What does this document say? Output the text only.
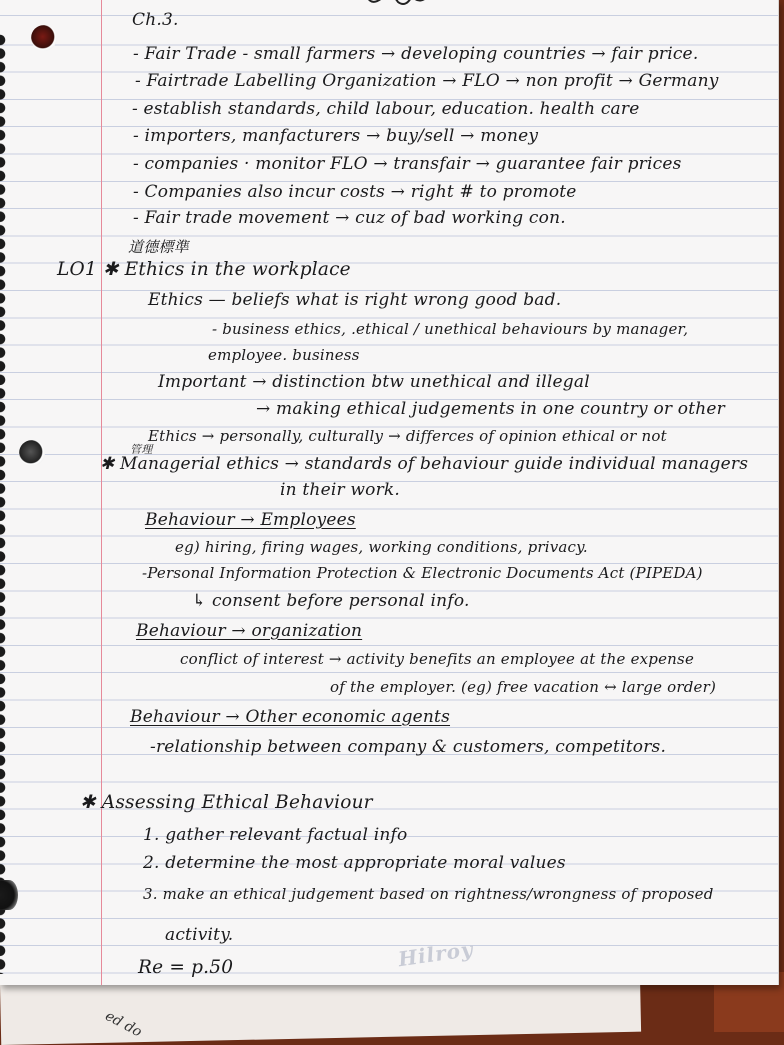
ed do
Ch.3.
- Fair Trade - small farmers → developing countries → fair price.
- Fairtrade Labelling Organization → FLO → non profit → Germany
- establish standards, child labour, education. health care
- importers, manfacturers → buy/sell → money
- companies · monitor FLO → transfair → guarantee fair prices
- Companies also incur costs → right # to promote
- Fair trade movement → cuz of bad working con.
道德標準
LO1 ✱ Ethics in the workplace
Ethics — beliefs what is right wrong good bad.
- business ethics, .ethical / unethical behaviours by manager,
employee. business
Important → distinction btw unethical and illegal
→ making ethical judgements in one country or other
Ethics → personally, culturally → differces of opinion ethical or not
管理
✱ Managerial ethics → standards of behaviour guide individual managers
in their work.
Behaviour → Employees
eg) hiring, firing wages, working conditions, privacy.
-Personal Information Protection & Electronic Documents Act (PIPEDA)
↳ consent before personal info.
Behaviour → organization
conflict of interest → activity benefits an employee at the expense
of the employer. (eg) free vacation ↔ large order)
Behaviour → Other economic agents
-relationship between company & customers, competitors.
✱ Assessing Ethical Behaviour
1. gather relevant factual info
2. determine the most appropriate moral values
3. make an ethical judgement based on rightness/wrongness of proposed
activity.
Re = p.50	Hilroy
